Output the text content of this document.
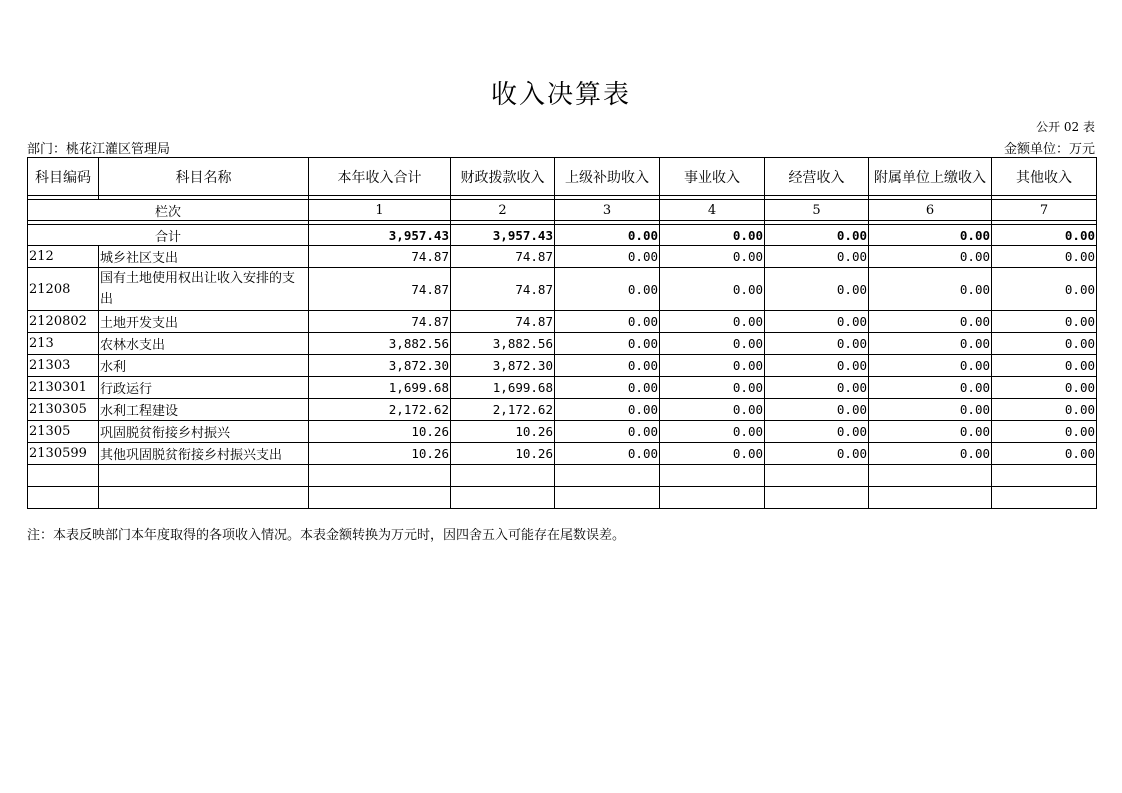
收入决算表
公开 02 表
部门：桃花江灌区管理局	金额单位：万元
科目编码	科目名称	本年收入合计	财政拨款收入	上级补助收入	事业收入	经营收入	附属单位上缴收入	其他收入

栏次		1	2	3	4	5	6	7

合计		3,957.43	3,957.43	0.00	0.00	0.00	0.00	0.00
212	城乡社区支出	74.87	74.87	0.00	0.00	0.00	0.00	0.00
21208	国有土地使用权出让收入安排的支出	74.87	74.87	0.00	0.00	0.00	0.00	0.00
2120802	土地开发支出	74.87	74.87	0.00	0.00	0.00	0.00	0.00
213	农林水支出	3,882.56	3,882.56	0.00	0.00	0.00	0.00	0.00
21303	水利	3,872.30	3,872.30	0.00	0.00	0.00	0.00	0.00
2130301	行政运行	1,699.68	1,699.68	0.00	0.00	0.00	0.00	0.00
2130305	水利工程建设	2,172.62	2,172.62	0.00	0.00	0.00	0.00	0.00
21305	巩固脱贫衔接乡村振兴	10.26	10.26	0.00	0.00	0.00	0.00	0.00
2130599	其他巩固脱贫衔接乡村振兴支出	10.26	10.26	0.00	0.00	0.00	0.00	0.00

注：本表反映部门本年度取得的各项收入情况。本表金额转换为万元时，因四舍五入可能存在尾数误差。
